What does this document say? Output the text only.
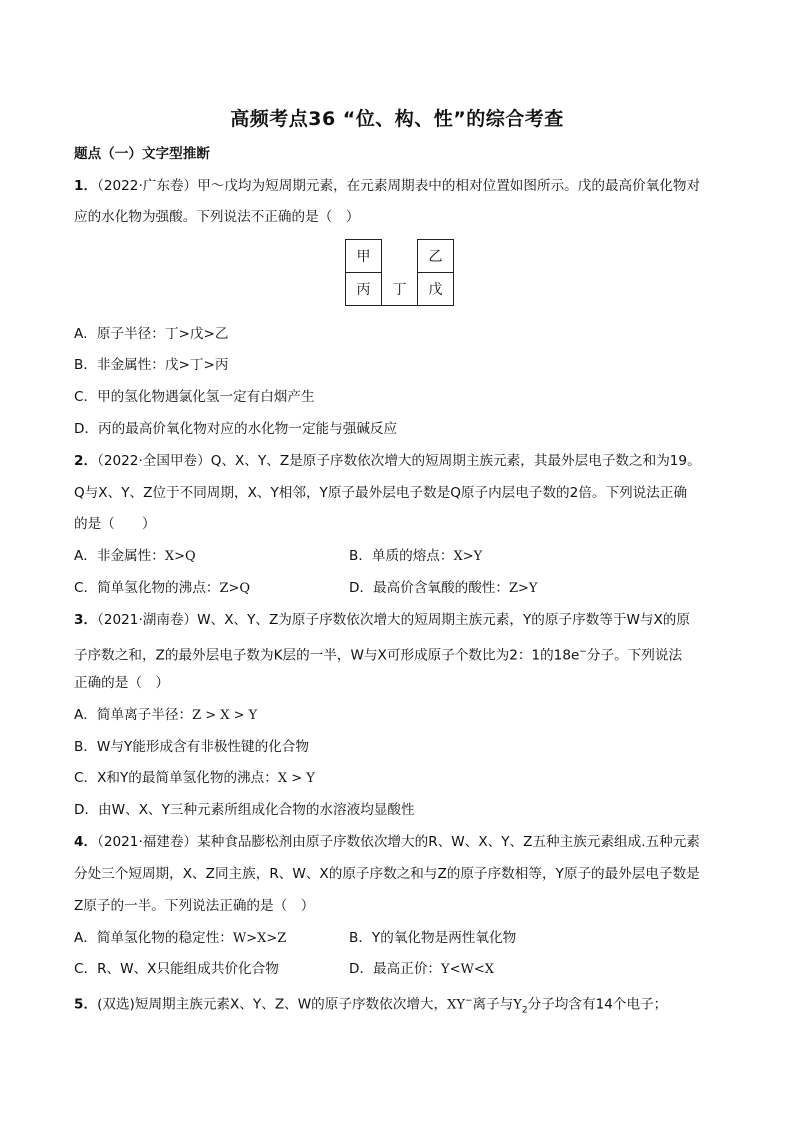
高频考点36 “位、构、性”的综合考查
题点（一）文字型推断
1．（2022·广东卷）甲～戊均为短周期元素，在元素周期表中的相对位置如图所示。戊的最高价氧化物对
应的水化物为强酸。下列说法不正确的是（　）
甲		乙
丙	丁	戊
A．原子半径：丁>戊>乙
B．非金属性：戊>丁>丙
C．甲的氢化物遇氯化氢一定有白烟产生
D．丙的最高价氧化物对应的水化物一定能与强碱反应
2．（2022·全国甲卷）Q、X、Y、Z是原子序数依次增大的短周期主族元素，其最外层电子数之和为19。
Q与X、Y、Z位于不同周期，X、Y相邻，Y原子最外层电子数是Q原子内层电子数的2倍。下列说法正确
的是（　　）
A．非金属性：X>Q	B．单质的熔点：X>Y
C．简单氢化物的沸点：Z>Q	D．最高价含氧酸的酸性：Z>Y
3．（2021·湖南卷）W、X、Y、Z为原子序数依次增大的短周期主族元素，Y的原子序数等于W与X的原
子序数之和，Z的最外层电子数为K层的一半，W与X可形成原子个数比为2：1的18e−分子。下列说法
正确的是（　）
A．简单离子半径：Z > X > Y
B．W与Y能形成含有非极性键的化合物
C．X和Y的最简单氢化物的沸点：X > Y
D．由W、X、Y三种元素所组成化合物的水溶液均显酸性
4．（2021·福建卷）某种食品膨松剂由原子序数依次增大的R、W、X、Y、Z五种主族元素组成.五种元素
分处三个短周期，X、Z同主族，R、W、X的原子序数之和与Z的原子序数相等，Y原子的最外层电子数是
Z原子的一半。下列说法正确的是（　）
A．简单氢化物的稳定性：W>X>Z	B．Y的氧化物是两性氧化物
C．R、W、X只能组成共价化合物	D．最高正价：Y<W<X
5．(双选)短周期主族元素X、Y、Z、W的原子序数依次增大，XY−离子与$Y_2$分子均含有14个电子；
